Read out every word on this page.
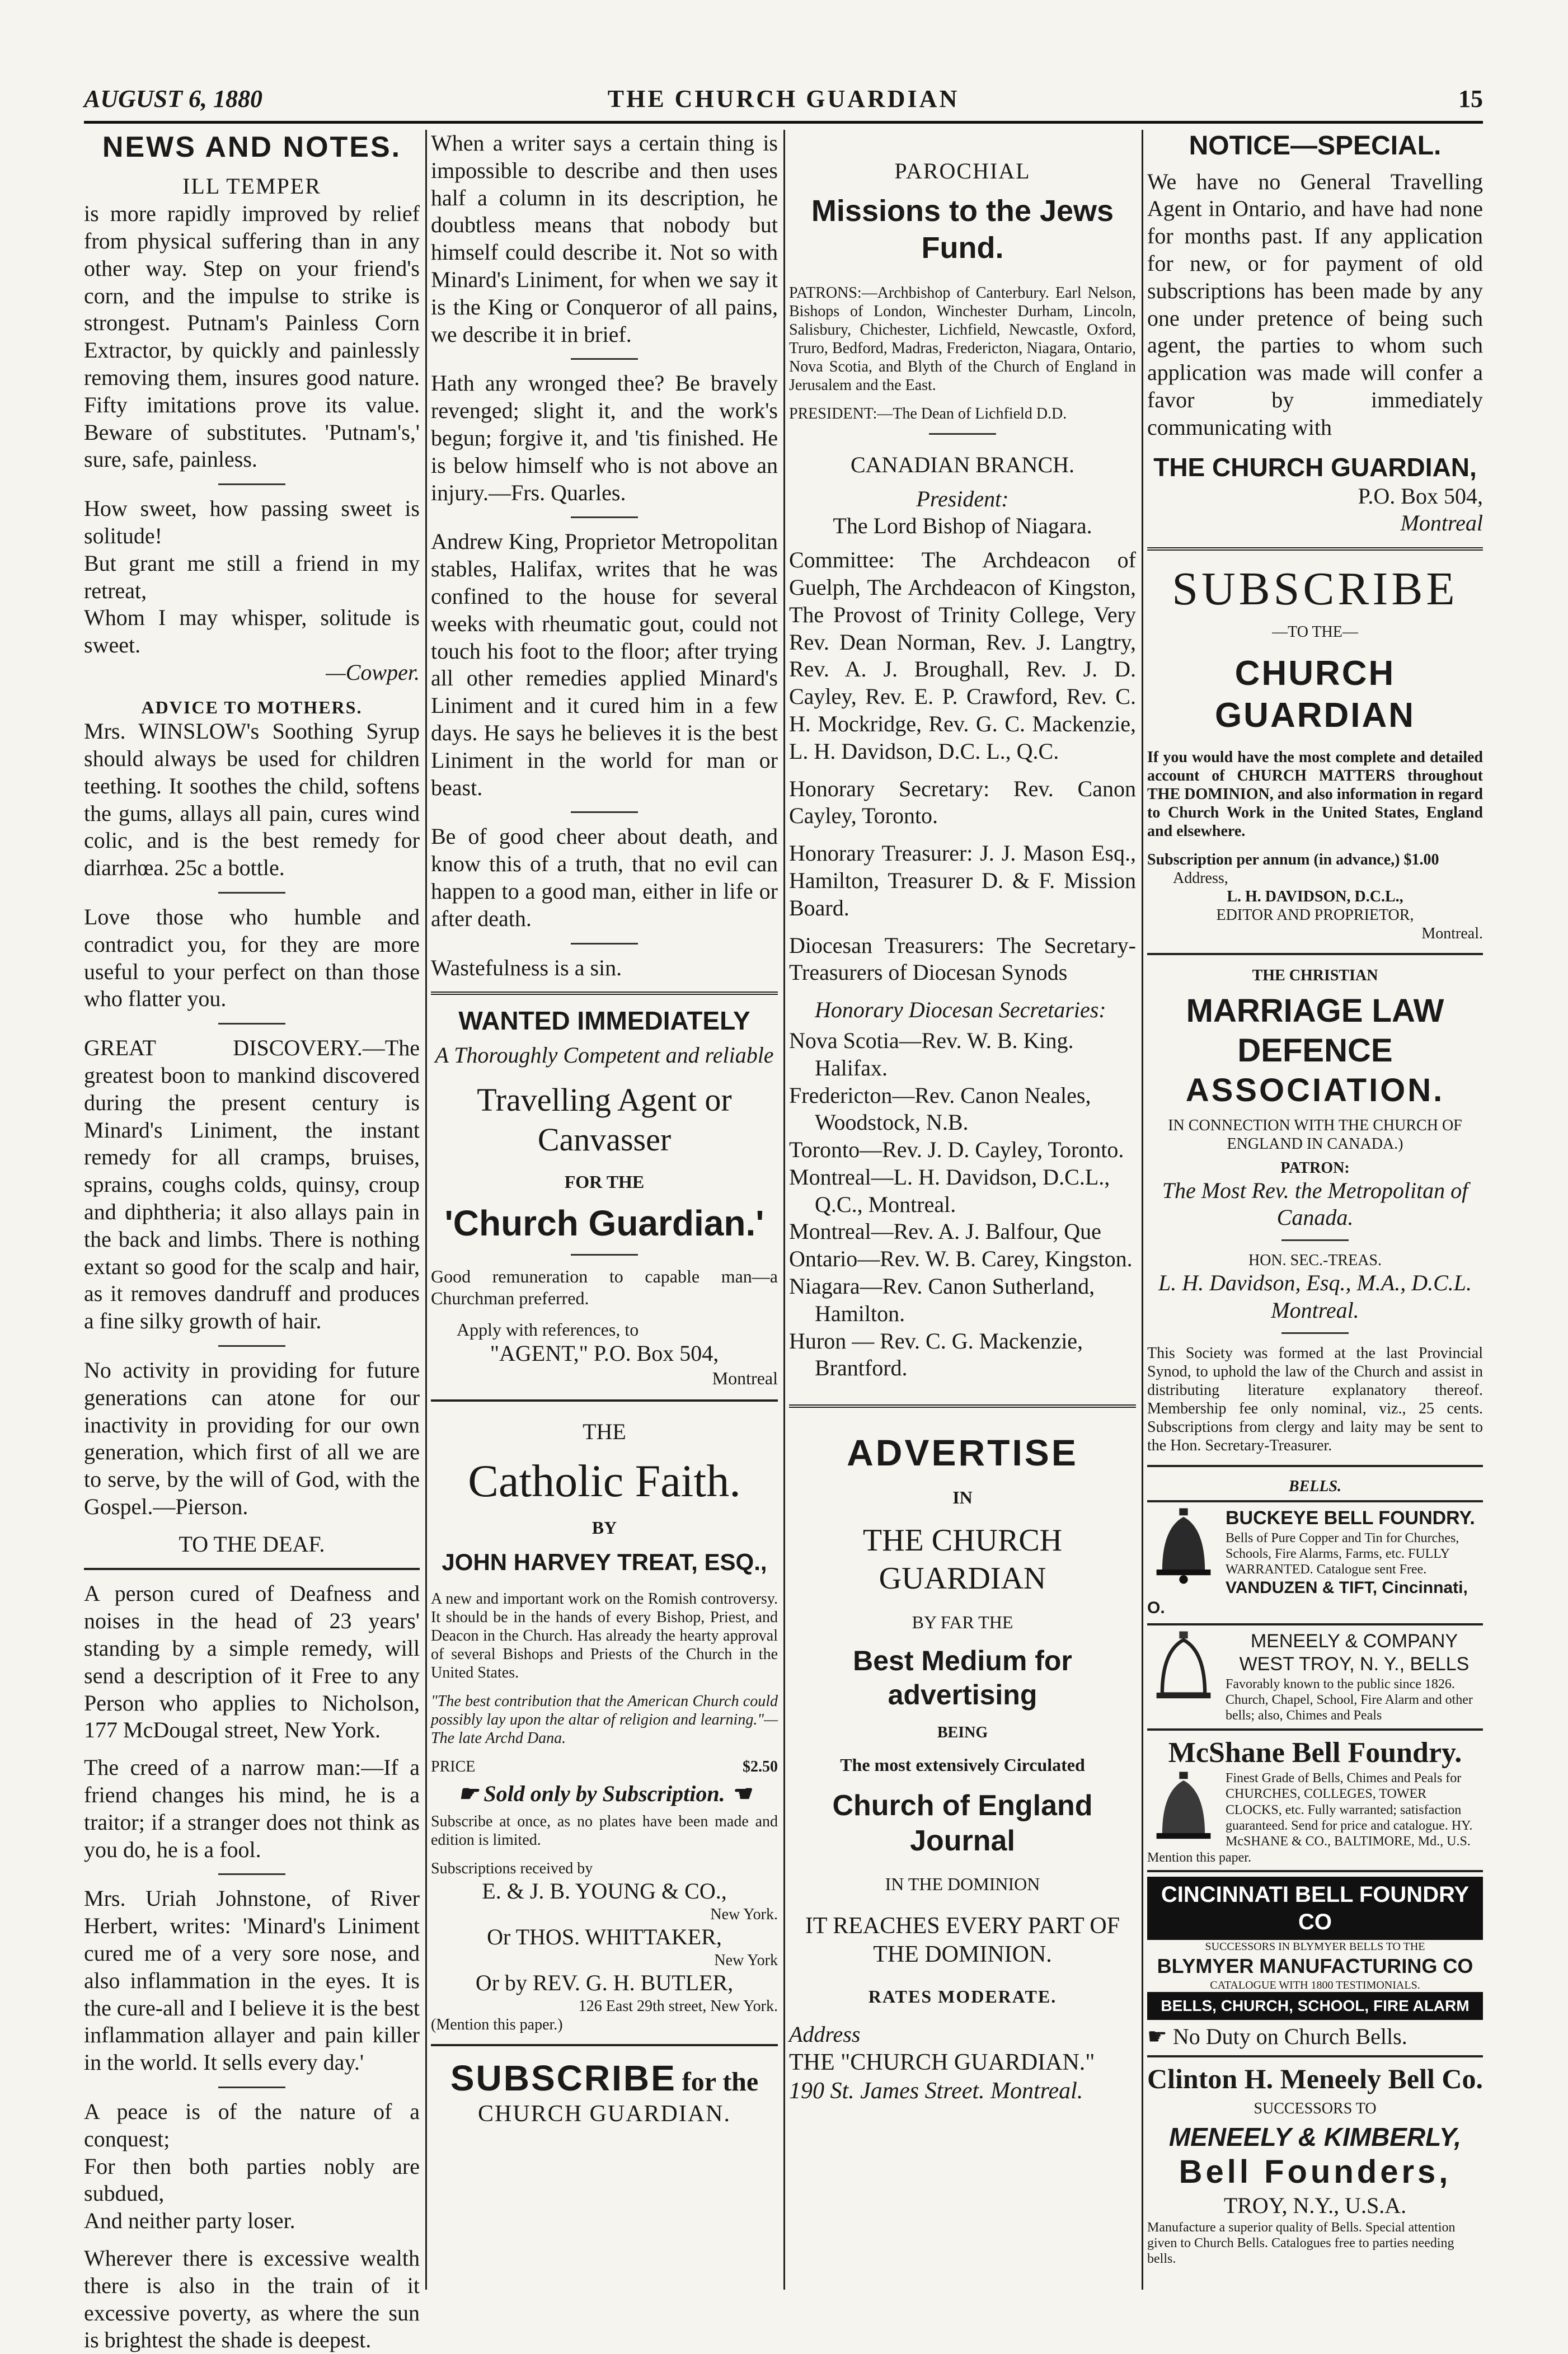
AUGUST 6, 1880	THE CHURCH GUARDIAN	15
NEWS AND NOTES.
ILL TEMPER

is more rapidly improved by relief from physical suffering than in any other way. Step on your friend's corn, and the impulse to strike is strongest. Putnam's Painless Corn Extractor, by quickly and painlessly removing them, insures good nature. Fifty imitations prove its value. Beware of substitutes. 'Putnam's,' sure, safe, painless.

How sweet, how passing sweet is solitude!
But grant me still a friend in my retreat,
Whom I may whisper, solitude is sweet.
—Cowper.
ADVICE TO MOTHERS.

Mrs. WINSLOW's Soothing Syrup should always be used for children teething. It soothes the child, softens the gums, allays all pain, cures wind colic, and is the best remedy for diarrhœa. 25c a bottle.

Love those who humble and contradict you, for they are more useful to your perfect on than those who flatter you.

GREAT DISCOVERY.—The greatest boon to mankind discovered during the present century is Minard's Liniment, the instant remedy for all cramps, bruises, sprains, coughs colds, quinsy, croup and diphtheria; it also allays pain in the back and limbs. There is nothing extant so good for the scalp and hair, as it removes dandruff and produces a fine silky growth of hair.

No activity in providing for future generations can atone for our inactivity in providing for our own generation, which first of all we are to serve, by the will of God, with the Gospel.—Pierson.

TO THE DEAF.

A person cured of Deafness and noises in the head of 23 years' standing by a simple remedy, will send a description of it Free to any Person who applies to Nicholson, 177 McDougal street, New York.

The creed of a narrow man:—If a friend changes his mind, he is a traitor; if a stranger does not think as you do, he is a fool.

Mrs. Uriah Johnstone, of River Herbert, writes: 'Minard's Liniment cured me of a very sore nose, and also inflammation in the eyes. It is the cure-all and I believe it is the best inflammation allayer and pain killer in the world. It sells every day.'

A peace is of the nature of a conquest;
For then both parties nobly are subdued,
And neither party loser.

Wherever there is excessive wealth there is also in the train of it excessive poverty, as where the sun is brightest the shade is deepest.

When a writer says a certain thing is impossible to describe and then uses half a column in its description, he doubtless means that nobody but himself could describe it. Not so with Minard's Liniment, for when we say it is the King or Conqueror of all pains, we describe it in brief.

Hath any wronged thee? Be bravely revenged; slight it, and the work's begun; forgive it, and 'tis finished. He is below himself who is not above an injury.—Frs. Quarles.

Andrew King, Proprietor Metropolitan stables, Halifax, writes that he was confined to the house for several weeks with rheumatic gout, could not touch his foot to the floor; after trying all other remedies applied Minard's Liniment and it cured him in a few days. He says he believes it is the best Liniment in the world for man or beast.

Be of good cheer about death, and know this of a truth, that no evil can happen to a good man, either in life or after death.

Wastefulness is a sin.

WANTED IMMEDIATELY
A Thoroughly Competent and reliable
Travelling Agent or Canvasser
FOR THE
'Church Guardian.'

Good remuneration to capable man—a Churchman preferred.

Apply with references, to
"AGENT," P.O. Box 504,
Montreal
THE
Catholic Faith.
BY
JOHN HARVEY TREAT, ESQ.,

A new and important work on the Romish controversy. It should be in the hands of every Bishop, Priest, and Deacon in the Church. Has already the hearty approval of several Bishops and Priests of the Church in the United States.

"The best contribution that the American Church could possibly lay upon the altar of religion and learning."—The late Archd Dana.

PRICE	$2.50
☛ Sold only by Subscription. ☚

Subscribe at once, as no plates have been made and edition is limited.

Subscriptions received by
E. & J. B. YOUNG & CO.,
New York.
Or THOS. WHITTAKER,
New York
Or by REV. G. H. BUTLER,
126 East 29th street, New York.
(Mention this paper.)
SUBSCRIBE for the
CHURCH GUARDIAN.
PAROCHIAL
Missions to the Jews Fund.

PATRONS:—Archbishop of Canterbury. Earl Nelson, Bishops of London, Winchester Durham, Lincoln, Salisbury, Chichester, Lichfield, Newcastle, Oxford, Truro, Bedford, Madras, Fredericton, Niagara, Ontario, Nova Scotia, and Blyth of the Church of England in Jerusalem and the East.

PRESIDENT:—The Dean of Lichfield D.D.

CANADIAN BRANCH.
President:
The Lord Bishop of Niagara.

Committee: The Archdeacon of Guelph, The Archdeacon of Kingston, The Provost of Trinity College, Very Rev. Dean Norman, Rev. J. Langtry, Rev. A. J. Broughall, Rev. J. D. Cayley, Rev. E. P. Crawford, Rev. C. H. Mockridge, Rev. G. C. Mackenzie, L. H. Davidson, D.C. L., Q.C.

Honorary Secretary: Rev. Canon Cayley, Toronto.

Honorary Treasurer: J. J. Mason Esq., Hamilton, Treasurer D. & F. Mission Board.

Diocesan Treasurers: The Secretary-Treasurers of Diocesan Synods

Honorary Diocesan Secretaries:
Nova Scotia—Rev. W. B. King. Halifax.
Fredericton—Rev. Canon Neales, Woodstock, N.B.
Toronto—Rev. J. D. Cayley, Toronto.
Montreal—L. H. Davidson, D.C.L., Q.C., Montreal.
Montreal—Rev. A. J. Balfour, Que
Ontario—Rev. W. B. Carey, Kingston.
Niagara—Rev. Canon Sutherland, Hamilton.
Huron — Rev. C. G. Mackenzie, Brantford.
ADVERTISE
IN
THE CHURCH GUARDIAN
BY FAR THE
Best Medium for advertising
BEING
The most extensively Circulated
Church of England Journal
IN THE DOMINION
IT REACHES EVERY PART OF THE DOMINION.
RATES MODERATE.
Address
THE "CHURCH GUARDIAN."
190 St. James Street. Montreal.
NOTICE—SPECIAL.

We have no General Travelling Agent in Ontario, and have had none for months past. If any application for new, or for payment of old subscriptions has been made by any one under pretence of being such agent, the parties to whom such application was made will confer a favor by immediately communicating with

THE CHURCH GUARDIAN,
P.O. Box 504,
Montreal
SUBSCRIBE
—TO THE—
CHURCH GUARDIAN

If you would have the most complete and detailed account of CHURCH MATTERS throughout THE DOMINION, and also information in regard to Church Work in the United States, England and elsewhere.

Subscription per annum (in advance,) $1.00
Address,
L. H. DAVIDSON, D.C.L.,
EDITOR AND PROPRIETOR,
Montreal.
THE CHRISTIAN
MARRIAGE LAW DEFENCE
ASSOCIATION.
IN CONNECTION WITH THE CHURCH OF ENGLAND IN CANADA.)
PATRON:
The Most Rev. the Metropolitan of Canada.
HON. SEC.-TREAS.
L. H. Davidson, Esq., M.A., D.C.L. Montreal.

This Society was formed at the last Provincial Synod, to uphold the law of the Church and assist in distributing literature explanatory thereof. Membership fee only nominal, viz., 25 cents. Subscriptions from clergy and laity may be sent to the Hon. Secretary-Treasurer.

BELLS.
BUCKEYE BELL FOUNDRY.
Bells of Pure Copper and Tin for Churches, Schools, Fire Alarms, Farms, etc. FULLY WARRANTED. Catalogue sent Free.
VANDUZEN & TIFT, Cincinnati, O.
MENEELY & COMPANY
WEST TROY, N. Y., BELLS
Favorably known to the public since 1826. Church, Chapel, School, Fire Alarm and other bells; also, Chimes and Peals
McShane Bell Foundry.
Finest Grade of Bells, Chimes and Peals for CHURCHES, COLLEGES, TOWER CLOCKS, etc. Fully warranted; satisfaction guaranteed. Send for price and catalogue. HY. McSHANE & CO., BALTIMORE, Md., U.S. Mention this paper.
CINCINNATI BELL FOUNDRY CO
SUCCESSORS IN BLYMYER BELLS TO THE
BLYMYER MANUFACTURING CO
CATALOGUE WITH 1800 TESTIMONIALS.
BELLS, CHURCH, SCHOOL, FIRE ALARM
☛ No Duty on Church Bells.
Clinton H. Meneely Bell Co.
SUCCESSORS TO
MENEELY & KIMBERLY,
Bell Founders,
TROY, N.Y., U.S.A.
Manufacture a superior quality of Bells. Special attention given to Church Bells. Catalogues free to parties needing bells.
